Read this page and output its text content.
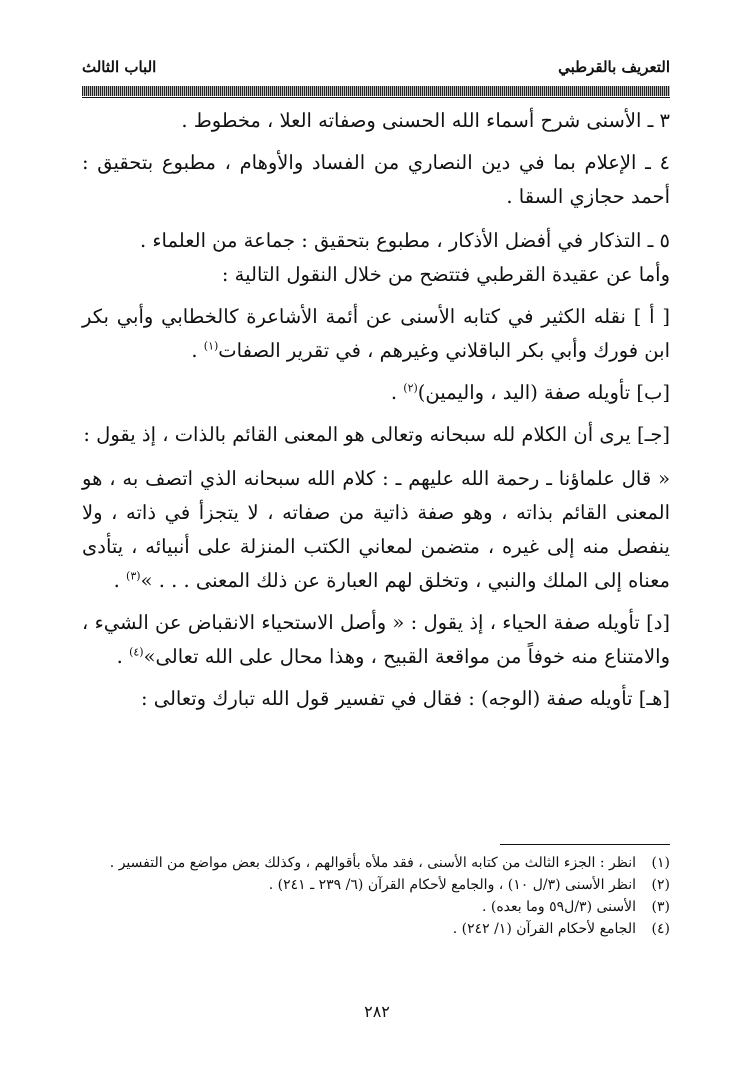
التعريف بالقرطبي
الباب الثالث

٣ ـ الأسنى شرح أسماء الله الحسنى وصفاته العلا ، مخطوط .

٤ ـ الإعلام بما في دين النصاري من الفساد والأوهام ، مطبوع بتحقيق : أحمد حجازي السقا .

٥ ـ التذكار في أفضل الأذكار ، مطبوع بتحقيق : جماعة من العلماء .

وأما عن عقيدة القرطبي فتتضح من خلال النقول التالية :

[ أ ] نقله الكثير في كتابه الأسنى عن أئمة الأشاعرة كالخطابي وأبي بكر ابن فورك وأبي بكر الباقلاني وغيرهم ، في تقرير الصفات$^{(١)}$ .

[ب] تأويله صفة (اليد ، واليمين)$^{(٢)}$ .

[جـ] يرى أن الكلام لله سبحانه وتعالى هو المعنى القائم بالذات ، إذ يقول :

« قال علماؤنا ـ رحمة الله عليهم ـ : كلام الله سبحانه الذي اتصف به ، هو المعنى القائم بذاته ، وهو صفة ذاتية من صفاته ، لا يتجزأ في ذاته ، ولا ينفصل منه إلى غيره ، متضمن لمعاني الكتب المنزلة على أنبيائه ، يتأدى معناه إلى الملك والنبي ، وتخلق لهم العبارة عن ذلك المعنى . . . »$^{(٣)}$ .

[د] تأويله صفة الحياء ، إذ يقول : « وأصل الاستحياء الانقباض عن الشيء ، والامتناع منه خوفاً من مواقعة القبيح ، وهذا محال على الله تعالى»$^{(٤)}$ .

[هـ] تأويله صفة (الوجه) : فقال في تفسير قول الله تبارك وتعالى :

(١)
انظر : الجزء الثالث من كتابه الأسنى ، فقد ملأه بأقوالهم ، وكذلك بعض مواضع من التفسير .

(٢)
انظر الأسنى (٣/ل ١٠) ، والجامع لأحكام القرآن (٦/ ٢٣٩ ـ ٢٤١) .

(٣)
الأسنى (٣/ل٥٩ وما بعده) .

(٤)
الجامع لأحكام القرآن (١/ ٢٤٢) .

٢٨٢
